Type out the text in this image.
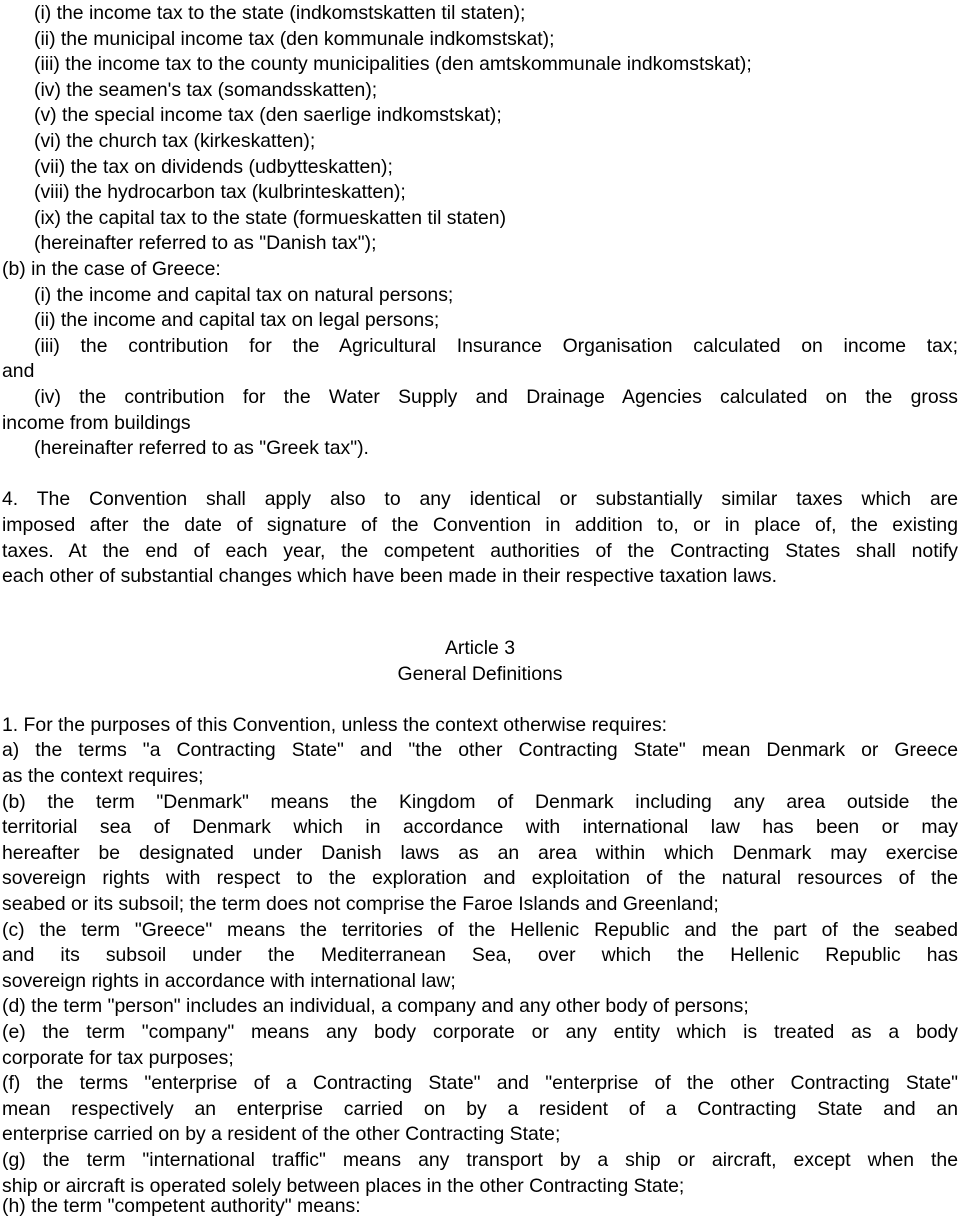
(i) the income tax to the state (indkomstskatten til staten);
(ii) the municipal income tax (den kommunale indkomstskat);
(iii) the income tax to the county municipalities (den amtskommunale indkomstskat);
(iv) the seamen's tax (somandsskatten);
(v) the special income tax (den saerlige indkomstskat);
(vi) the church tax (kirkeskatten);
(vii) the tax on dividends (udbytteskatten);
(viii) the hydrocarbon tax (kulbrinteskatten);
(ix) the capital tax to the state (formueskatten til staten)
(hereinafter referred to as "Danish tax");
(b) in the case of Greece:
(i) the income and capital tax on natural persons;
(ii) the income and capital tax on legal persons;
(iii) the contribution for the Agricultural Insurance Organisation calculated on income tax;
and
(iv) the contribution for the Water Supply and Drainage Agencies calculated on the gross
income from buildings
(hereinafter referred to as "Greek tax").
4. The Convention shall apply also to any identical or substantially similar taxes which are
imposed after the date of signature of the Convention in addition to, or in place of, the existing
taxes. At the end of each year, the competent authorities of the Contracting States shall notify
each other of substantial changes which have been made in their respective taxation laws.
Article 3
General Definitions
1. For the purposes of this Convention, unless the context otherwise requires:
a) the terms "a Contracting State" and "the other Contracting State" mean Denmark or Greece
as the context requires;
(b) the term "Denmark" means the Kingdom of Denmark including any area outside the
territorial sea of Denmark which in accordance with international law has been or may
hereafter be designated under Danish laws as an area within which Denmark may exercise
sovereign rights with respect to the exploration and exploitation of the natural resources of the
seabed or its subsoil; the term does not comprise the Faroe Islands and Greenland;
(c) the term "Greece" means the territories of the Hellenic Republic and the part of the seabed
and its subsoil under the Mediterranean Sea, over which the Hellenic Republic has
sovereign rights in accordance with international law;
(d) the term "person" includes an individual, a company and any other body of persons;
(e) the term "company" means any body corporate or any entity which is treated as a body
corporate for tax purposes;
(f) the terms "enterprise of a Contracting State" and "enterprise of the other Contracting State"
mean respectively an enterprise carried on by a resident of a Contracting State and an
enterprise carried on by a resident of the other Contracting State;
(g) the term "international traffic" means any transport by a ship or aircraft, except when the
ship or aircraft is operated solely between places in the other Contracting State;
(h) the term "competent authority" means:
